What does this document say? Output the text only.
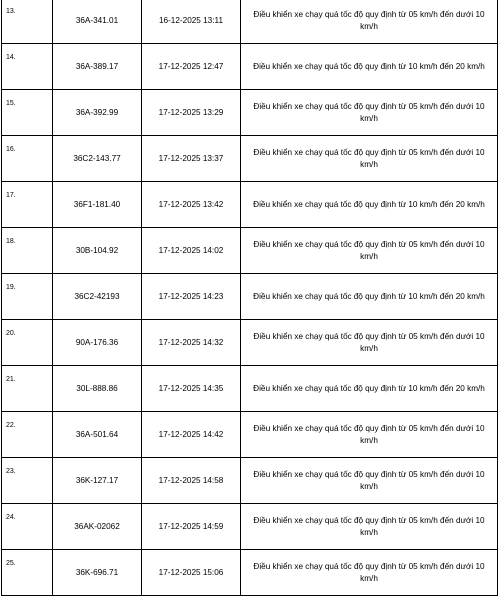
13.	36A-341.01	16-12-2025 13:11	Điều khiển xe chạy quá tốc độ quy định từ 05 km/h đến dưới 10 km/h

14.	36A-389.17	17-12-2025 12:47	Điều khiển xe chạy quá tốc độ quy định từ 10 km/h đến 20 km/h

15.	36A-392.99	17-12-2025 13:29	Điều khiển xe chạy quá tốc độ quy định từ 05 km/h đến dưới 10 km/h

16.	36C2-143.77	17-12-2025 13:37	Điều khiển xe chạy quá tốc độ quy định từ 05 km/h đến dưới 10 km/h

17.	36F1-181.40	17-12-2025 13:42	Điều khiển xe chạy quá tốc độ quy định từ 10 km/h đến 20 km/h

18.	30B-104.92	17-12-2025 14:02	Điều khiển xe chạy quá tốc độ quy định từ 05 km/h đến dưới 10 km/h

19.	36C2-42193	17-12-2025 14:23	Điều khiển xe chạy quá tốc độ quy định từ 10 km/h đến 20 km/h

20.	90A-176.36	17-12-2025 14:32	Điều khiển xe chạy quá tốc độ quy định từ 05 km/h đến dưới 10 km/h

21.	30L-888.86	17-12-2025 14:35	Điều khiển xe chạy quá tốc độ quy định từ 10 km/h đến 20 km/h

22.	36A-501.64	17-12-2025 14:42	Điều khiển xe chạy quá tốc độ quy định từ 05 km/h đến dưới 10 km/h

23.	36K-127.17	17-12-2025 14:58	Điều khiển xe chạy quá tốc độ quy định từ 05 km/h đến dưới 10 km/h

24.	36AK-02062	17-12-2025 14:59	Điều khiển xe chạy quá tốc độ quy định từ 05 km/h đến dưới 10 km/h

25.	36K-696.71	17-12-2025 15:06	Điều khiển xe chạy quá tốc độ quy định từ 05 km/h đến dưới 10 km/h
